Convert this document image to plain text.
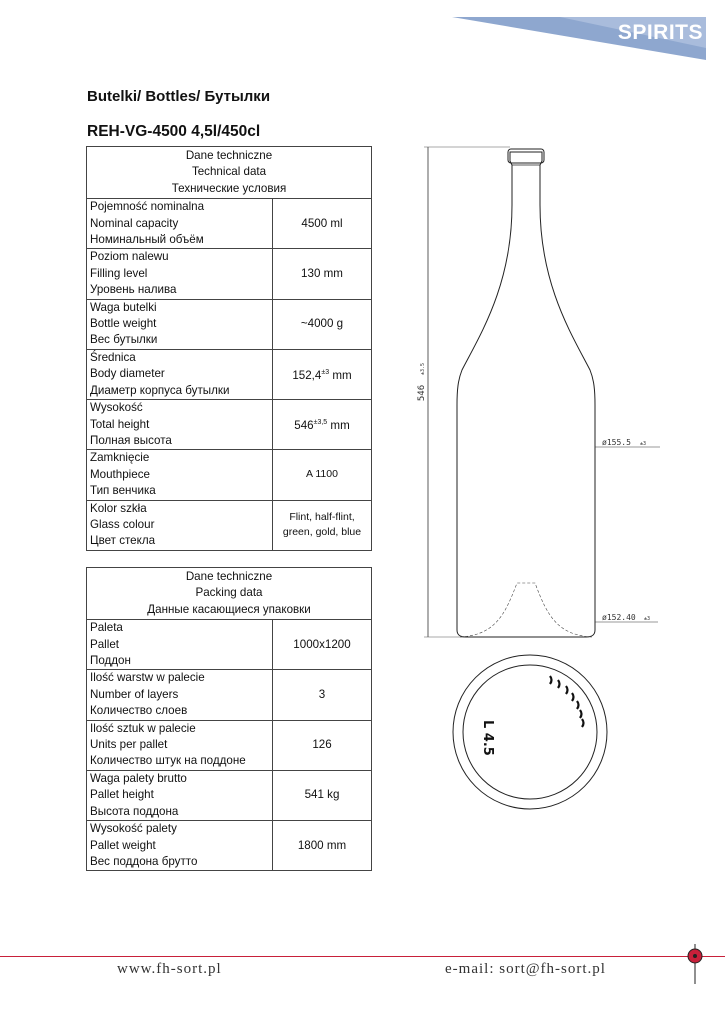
SPIRITS
Butelki/ Bottles/ Бутылки
REH-VG-4500 4,5l/450cl
Dane techniczne
Technical data
Технические условия	

Pojemność nominalna
Nominal capacity
Номинальный объём	4500 ml

Poziom nalewu
Filling level
Уровень налива	130 mm

Waga butelki
Bottle weight
Вес бутылки	~4000 g

Średnica
Body diameter
Диаметр корпуса бутылки	$152,4^{\pm 3}$ mm

Wysokość
Total height
Полная высота	$546^{\pm 3,5}$ mm

Zamknięcie
Mouthpiece
Тип венчика	A 1100

Kolor szkła
Glass colour
Цвет стекла	Flint, half-flint,
green, gold, blue
Dane techniczne
Packing data
Данные касающиеся упаковки	

Paleta
Pallet
Поддон	1000x1200

Ilość warstw w palecie
Number of layers
Количество слоев	3

Ilość sztuk w palecie
Units per pallet
Количество штук на поддоне	126

Waga palety brutto
Pallet height
Высота поддона	541 kg

Wysokość palety
Pallet weight
Вес поддона брутто	1800 mm
546
±3.5
ø155.5 ±3
ø152.40 ±3
L 4.5
www.fh-sort.pl	e-mail: sort@fh-sort.pl
